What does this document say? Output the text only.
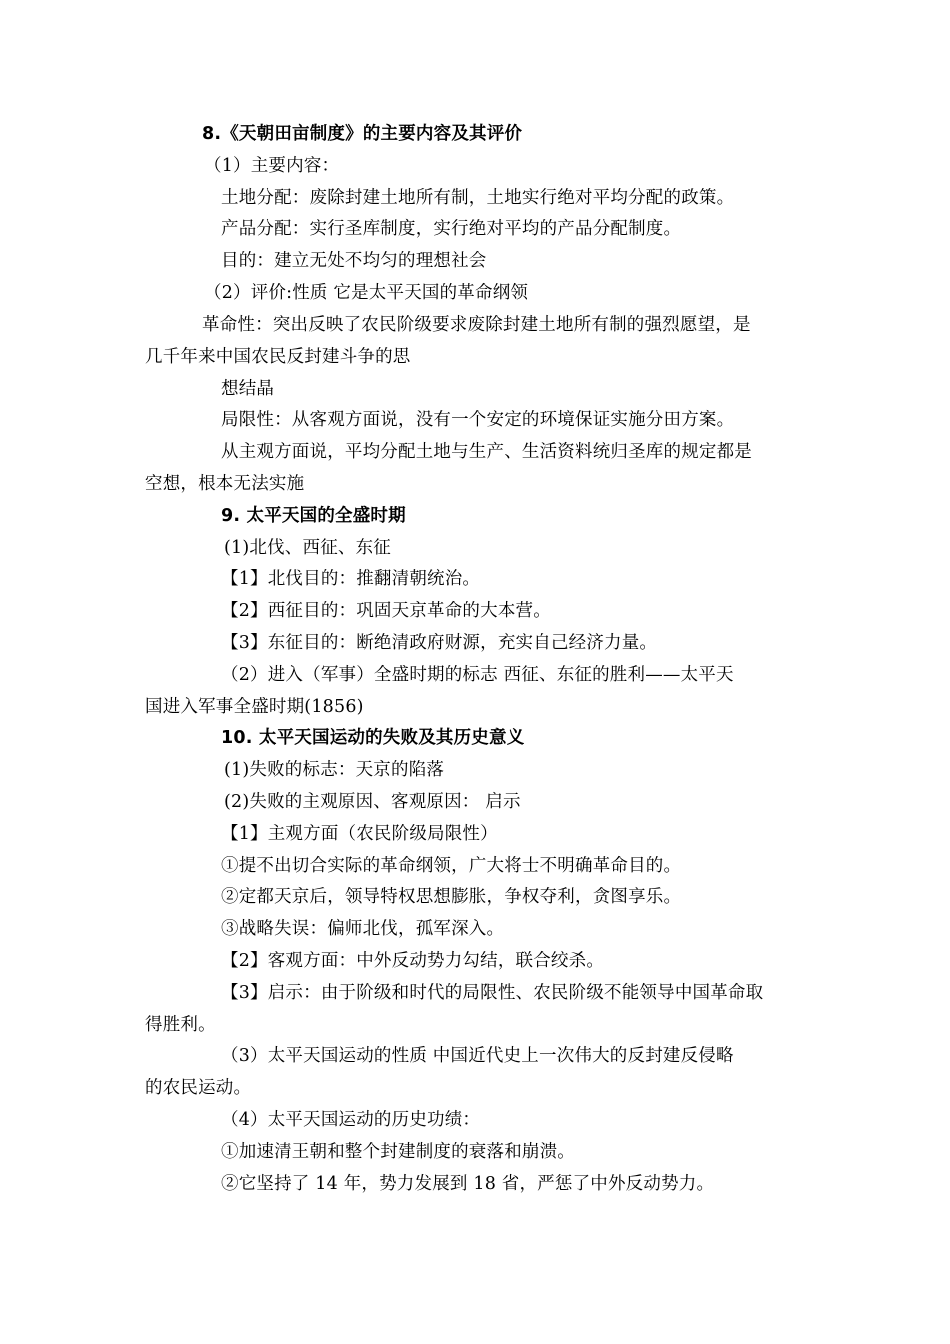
8.《天朝田亩制度》的主要内容及其评价
（1）主要内容：
土地分配：废除封建土地所有制，土地实行绝对平均分配的政策。
产品分配：实行圣库制度，实行绝对平均的产品分配制度。
目的：建立无处不均匀的理想社会
（2）评价:性质 它是太平天国的革命纲领
革命性：突出反映了农民阶级要求废除封建土地所有制的强烈愿望，是
几千年来中国农民反封建斗争的思
想结晶
局限性：从客观方面说，没有一个安定的环境保证实施分田方案。
从主观方面说，平均分配土地与生产、生活资料统归圣库的规定都是
空想，根本无法实施
9. 太平天国的全盛时期
(1)北伐、西征、东征
【1】北伐目的：推翻清朝统治。
【2】西征目的：巩固天京革命的大本营。
【3】东征目的：断绝清政府财源，充实自己经济力量。
（2）进入（军事）全盛时期的标志 西征、东征的胜利——太平天
国进入军事全盛时期(1856)
10. 太平天国运动的失败及其历史意义
(1)失败的标志：天京的陷落
(2)失败的主观原因、客观原因： 启示
【1】主观方面（农民阶级局限性）
①提不出切合实际的革命纲领，广大将士不明确革命目的。
②定都天京后，领导特权思想膨胀，争权夺利，贪图享乐。
③战略失误：偏师北伐，孤军深入。
【2】客观方面：中外反动势力勾结，联合绞杀。
【3】启示：由于阶级和时代的局限性、农民阶级不能领导中国革命取
得胜利。
（3）太平天国运动的性质 中国近代史上一次伟大的反封建反侵略
的农民运动。
（4）太平天国运动的历史功绩：
①加速清王朝和整个封建制度的衰落和崩溃。
②它坚持了 14 年，势力发展到 18 省，严惩了中外反动势力。
